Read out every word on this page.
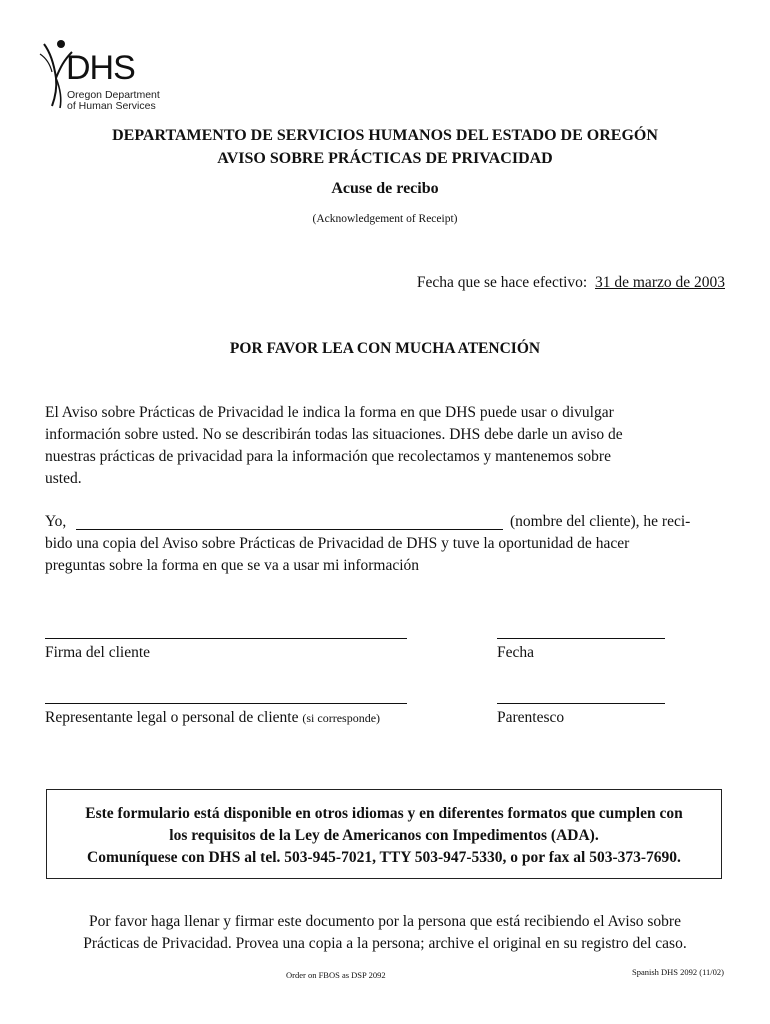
DHS
Oregon Department
of Human Services
DEPARTAMENTO DE SERVICIOS HUMANOS DEL ESTADO DE OREGÓN
AVISO SOBRE PRÁCTICAS DE PRIVACIDAD
Acuse de recibo
(Acknowledgement of Receipt)
Fecha que se hace efectivo: 31 de marzo de 2003
POR FAVOR LEA CON MUCHA ATENCIÓN
El Aviso sobre Prácticas de Privacidad le indica la forma en que DHS puede usar o divulgar
información sobre usted. No se describirán todas las situaciones. DHS debe darle un aviso de
nuestras prácticas de privacidad para la información que recolectamos y mantenemos sobre
usted.
Yo,	(nombre del cliente), he reci-
bido una copia del Aviso sobre Prácticas de Privacidad de DHS y tuve la oportunidad de hacer
preguntas sobre la forma en que se va a usar mi información
Firma del cliente	Fecha
Representante legal o personal de cliente (si corresponde)	Parentesco
Este formulario está disponible en otros idiomas y en diferentes formatos que cumplen con
los requisitos de la Ley de Americanos con Impedimentos (ADA).
Comuníquese con DHS al tel. 503-945-7021, TTY 503-947-5330, o por fax al 503-373-7690.
Por favor haga llenar y firmar este documento por la persona que está recibiendo el Aviso sobre
Prácticas de Privacidad. Provea una copia a la persona; archive el original en su registro del caso.
Order on FBOS as DSP 2092	Spanish DHS 2092 (11/02)
